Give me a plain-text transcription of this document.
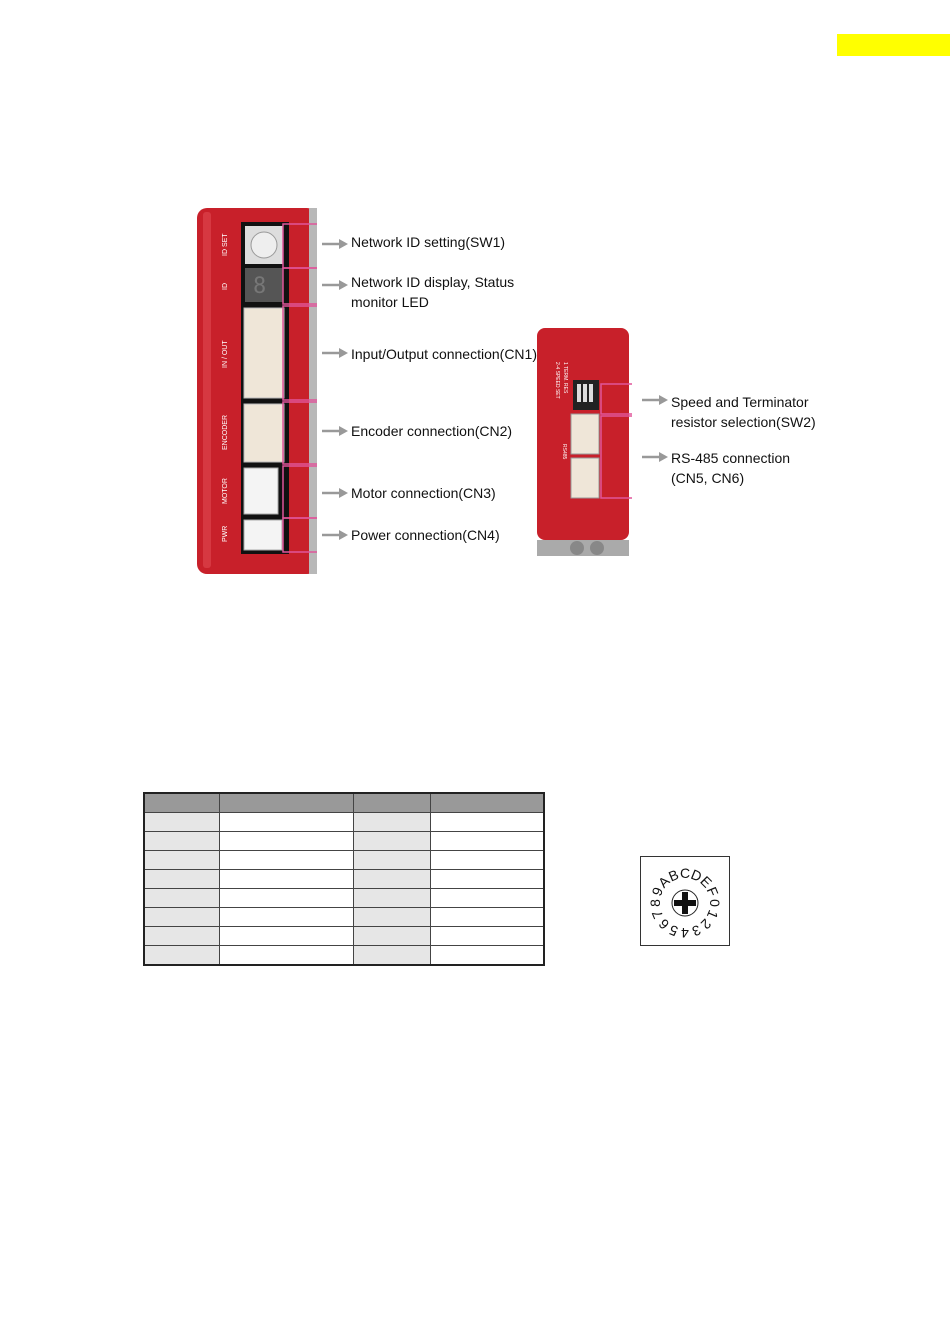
8
ID SET
ID
IN / OUT
ENCODER
MOTOR
PWR
1 TERM. RES
2-4 SPEED SET
RS485
Network ID setting(SW1)
Network ID display, Status
monitor LED
Input/Output connection(CN1)
Encoder connection(CN2)
Motor connection(CN3)
Power connection(CN4)
Speed and Terminator
resistor selection(SW2)
RS-485 connection
(CN5, CN6)

0
1
2
3
4
5
6
7
8
9
A
B C
D
E
F
